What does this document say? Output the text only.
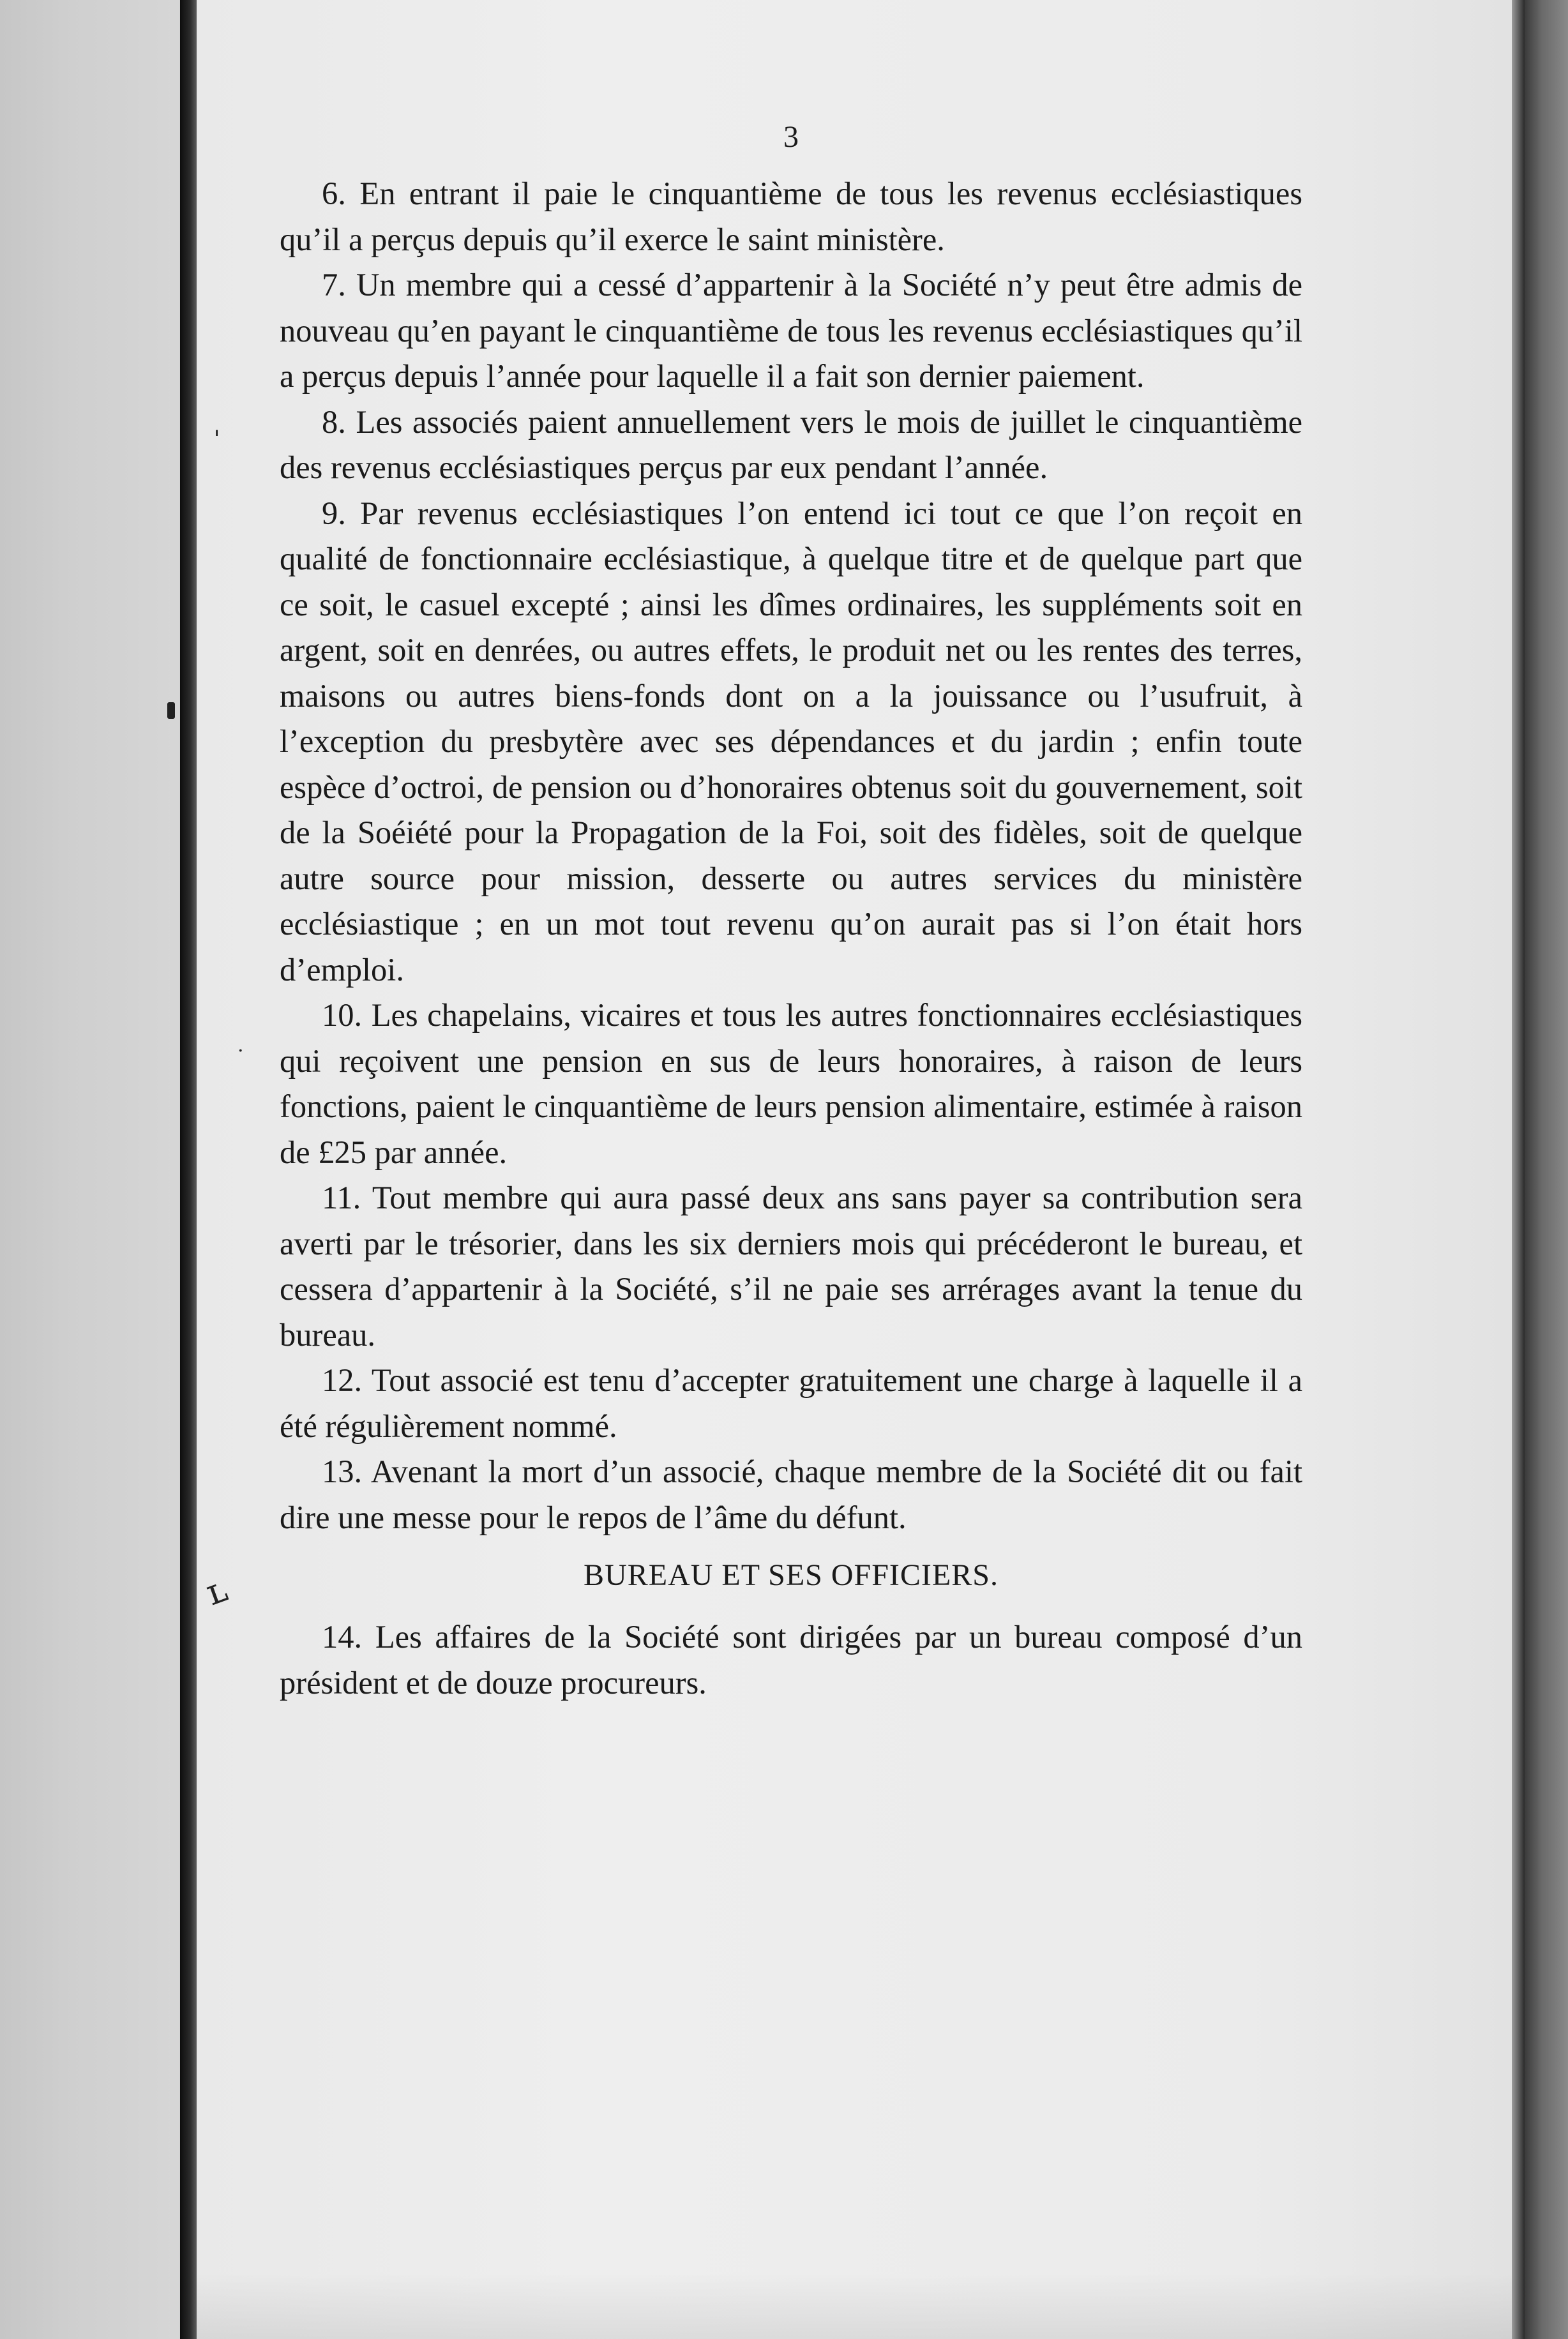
ˈ
ʟ
.
3

6. En entrant il paie le cinquantième de tous les revenus ecclésiastiques qu’il a perçus depuis qu’il exerce le saint ministère.

7. Un membre qui a cessé d’appartenir à la Société n’y peut être admis de nouveau qu’en payant le cinquantième de tous les revenus ecclésiastiques qu’il a perçus depuis l’année pour laquelle il a fait son dernier paiement.

8. Les associés paient annuellement vers le mois de juillet le cinquantième des revenus ecclésiastiques perçus par eux pendant l’année.

9. Par revenus ecclésiastiques l’on entend ici tout ce que l’on reçoit en qualité de fonctionnaire ecclésiastique, à quelque titre et de quelque part que ce soit, le casuel excepté ; ainsi les dîmes ordinaires, les suppléments soit en argent, soit en denrées, ou autres effets, le produit net ou les rentes des terres, maisons ou autres biens-fonds dont on a la jouissance ou l’usufruit, à l’exception du presbytère avec ses dépendances et du jardin ; enfin toute espèce d’octroi, de pension ou d’honoraires obtenus soit du gouvernement, soit de la Soéiété pour la Propagation de la Foi, soit des fidèles, soit de quelque autre source pour mission, desserte ou autres services du ministère ecclésiastique ; en un mot tout revenu qu’on aurait pas si l’on était hors d’emploi.

10. Les chapelains, vicaires et tous les autres fonctionnaires ecclésiastiques qui reçoivent une pension en sus de leurs honoraires, à raison de leurs fonctions, paient le cinquantième de leurs pension alimentaire, estimée à raison de £25 par année.

11. Tout membre qui aura passé deux ans sans payer sa contribution sera averti par le trésorier, dans les six derniers mois qui précéderont le bureau, et cessera d’appartenir à la Société, s’il ne paie ses arrérages avant la tenue du bureau.

12. Tout associé est tenu d’accepter gratuitement une charge à laquelle il a été régulièrement nommé.

13. Avenant la mort d’un associé, chaque membre de la Société dit ou fait dire une messe pour le repos de l’âme du défunt.

BUREAU ET SES OFFICIERS.

14. Les affaires de la Société sont dirigées par un bureau composé d’un président et de douze procureurs.
